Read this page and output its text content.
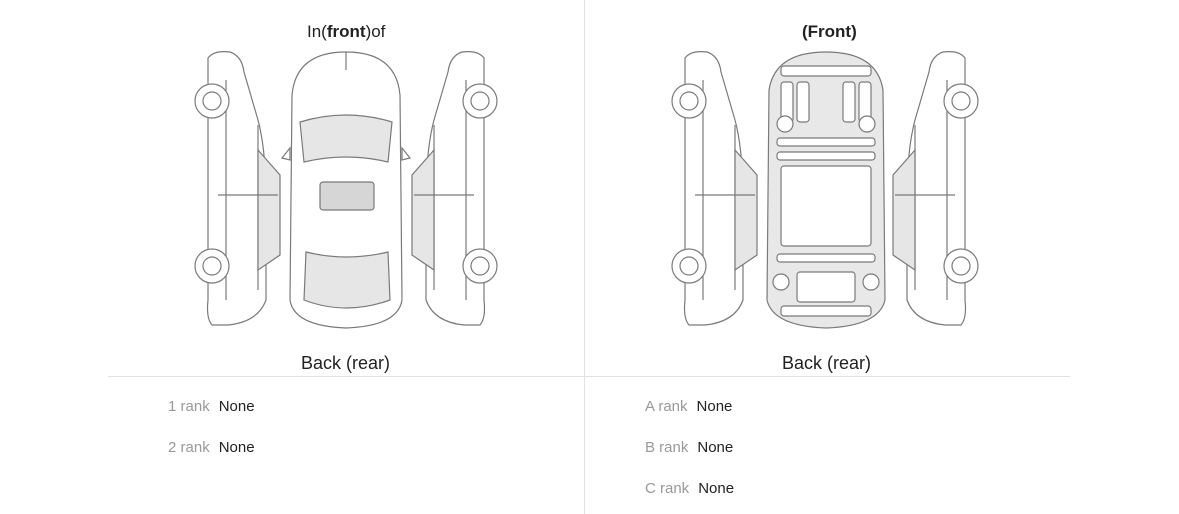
In(front)of
Back (rear)
(Front)
Back (rear)
1 rank None
2 rank None
A rank None
B rank None
C rank None
